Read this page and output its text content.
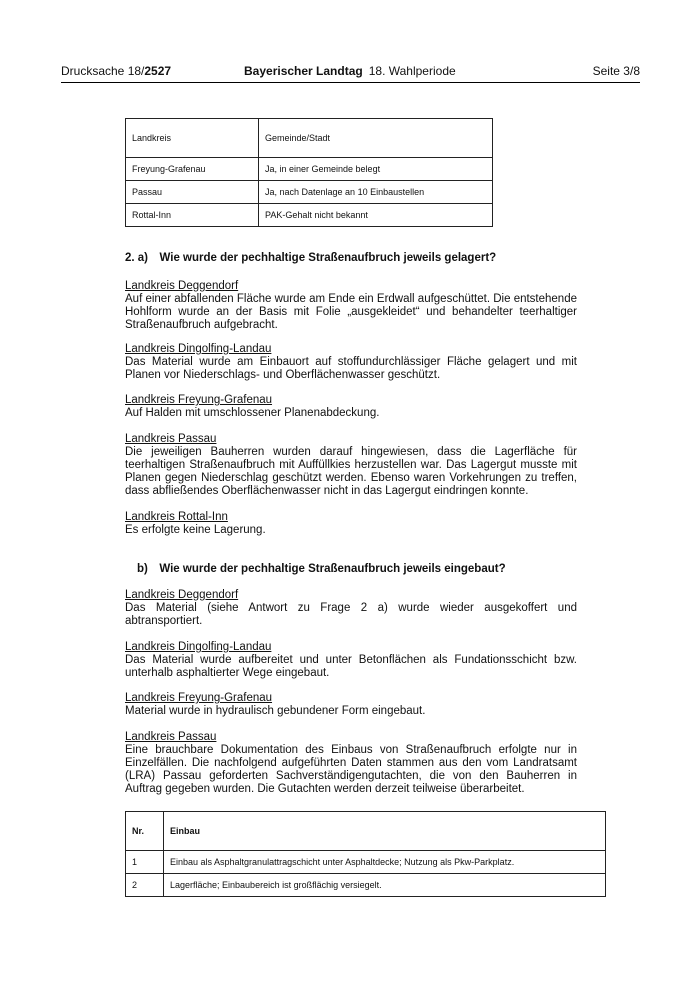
Drucksache 18/2527	Bayerischer Landtag 18. Wahlperiode	Seite 3/8
Landkreis	Gemeinde/Stadt
Freyung-Grafenau	Ja, in einer Gemeinde belegt
Passau	Ja, nach Datenlage an 10 Einbaustellen
Rottal-Inn	PAK-Gehalt nicht bekannt
2. a) Wie wurde der pechhaltige Straßenaufbruch jeweils gelagert?
Landkreis Deggendorf
Auf einer abfallenden Fläche wurde am Ende ein Erdwall aufgeschüttet. Die entstehende Hohlform wurde an der Basis mit Folie „ausgekleidet“ und behandelter teerhaltiger Straßenaufbruch aufgebracht.
Landkreis Dingolfing-Landau
Das Material wurde am Einbauort auf stoffundurchlässiger Fläche gelagert und mit Planen vor Niederschlags- und Oberflächenwasser geschützt.
Landkreis Freyung-Grafenau
Auf Halden mit umschlossener Planenabdeckung.
Landkreis Passau
Die jeweiligen Bauherren wurden darauf hingewiesen, dass die Lagerfläche für teerhaltigen Straßenaufbruch mit Auffüllkies herzustellen war. Das Lagergut musste mit Planen gegen Niederschlag geschützt werden. Ebenso waren Vorkehrungen zu treffen, dass abfließendes Oberflächenwasser nicht in das Lagergut eindringen konnte.
Landkreis Rottal-Inn
Es erfolgte keine Lagerung.
b) Wie wurde der pechhaltige Straßenaufbruch jeweils eingebaut?
Landkreis Deggendorf
Das Material (siehe Antwort zu Frage 2 a) wurde wieder ausgekoffert und abtransportiert.
Landkreis Dingolfing-Landau
Das Material wurde aufbereitet und unter Betonflächen als Fundationsschicht bzw. unterhalb asphaltierter Wege eingebaut.
Landkreis Freyung-Grafenau
Material wurde in hydraulisch gebundener Form eingebaut.
Landkreis Passau
Eine brauchbare Dokumentation des Einbaus von Straßenaufbruch erfolgte nur in Einzelfällen. Die nachfolgend aufgeführten Daten stammen aus den vom Landratsamt (LRA) Passau geforderten Sachverständigengutachten, die von den Bauherren in Auftrag gegeben wurden. Die Gutachten werden derzeit teilweise überarbeitet.
Nr.	Einbau
1	Einbau als Asphaltgranulattragschicht unter Asphaltdecke; Nutzung als Pkw-Parkplatz.
2	Lagerfläche; Einbaubereich ist großflächig versiegelt.
